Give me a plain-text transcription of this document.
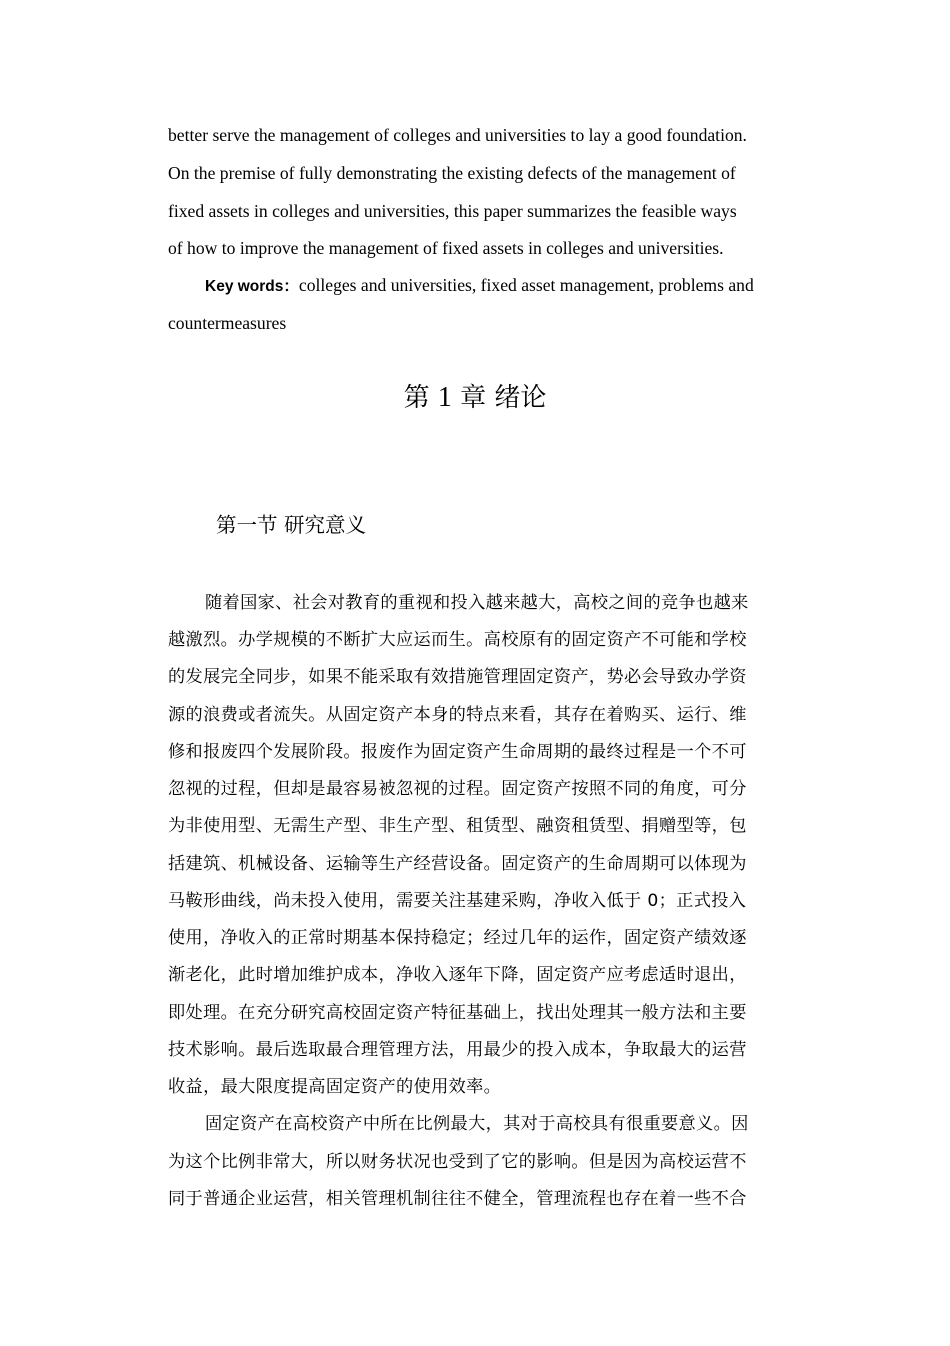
better serve the management of colleges and universities to lay a good foundation.
On the premise of fully demonstrating the existing defects of the management of
fixed assets in colleges and universities, this paper summarizes the feasible ways
of how to improve the management of fixed assets in colleges and universities.
Key words：colleges and universities, fixed asset management, problems and
countermeasures
第 1 章 绪论
第一节 研究意义
随着国家、社会对教育的重视和投入越来越大，高校之间的竞争也越来
越激烈。办学规模的不断扩大应运而生。高校原有的固定资产不可能和学校
的发展完全同步，如果不能采取有效措施管理固定资产，势必会导致办学资
源的浪费或者流失。从固定资产本身的特点来看，其存在着购买、运行、维
修和报废四个发展阶段。报废作为固定资产生命周期的最终过程是一个不可
忽视的过程，但却是最容易被忽视的过程。固定资产按照不同的角度，可分
为非使用型、无需生产型、非生产型、租赁型、融资租赁型、捐赠型等，包
括建筑、机械设备、运输等生产经营设备。固定资产的生命周期可以体现为
马鞍形曲线，尚未投入使用，需要关注基建采购，净收入低于 0；正式投入
使用，净收入的正常时期基本保持稳定；经过几年的运作，固定资产绩效逐
渐老化，此时增加维护成本，净收入逐年下降，固定资产应考虑适时退出，
即处理。在充分研究高校固定资产特征基础上，找出处理其一般方法和主要
技术影响。最后选取最合理管理方法，用最少的投入成本，争取最大的运营
收益，最大限度提高固定资产的使用效率。
固定资产在高校资产中所在比例最大，其对于高校具有很重要意义。因
为这个比例非常大，所以财务状况也受到了它的影响。但是因为高校运营不
同于普通企业运营，相关管理机制往往不健全，管理流程也存在着一些不合
